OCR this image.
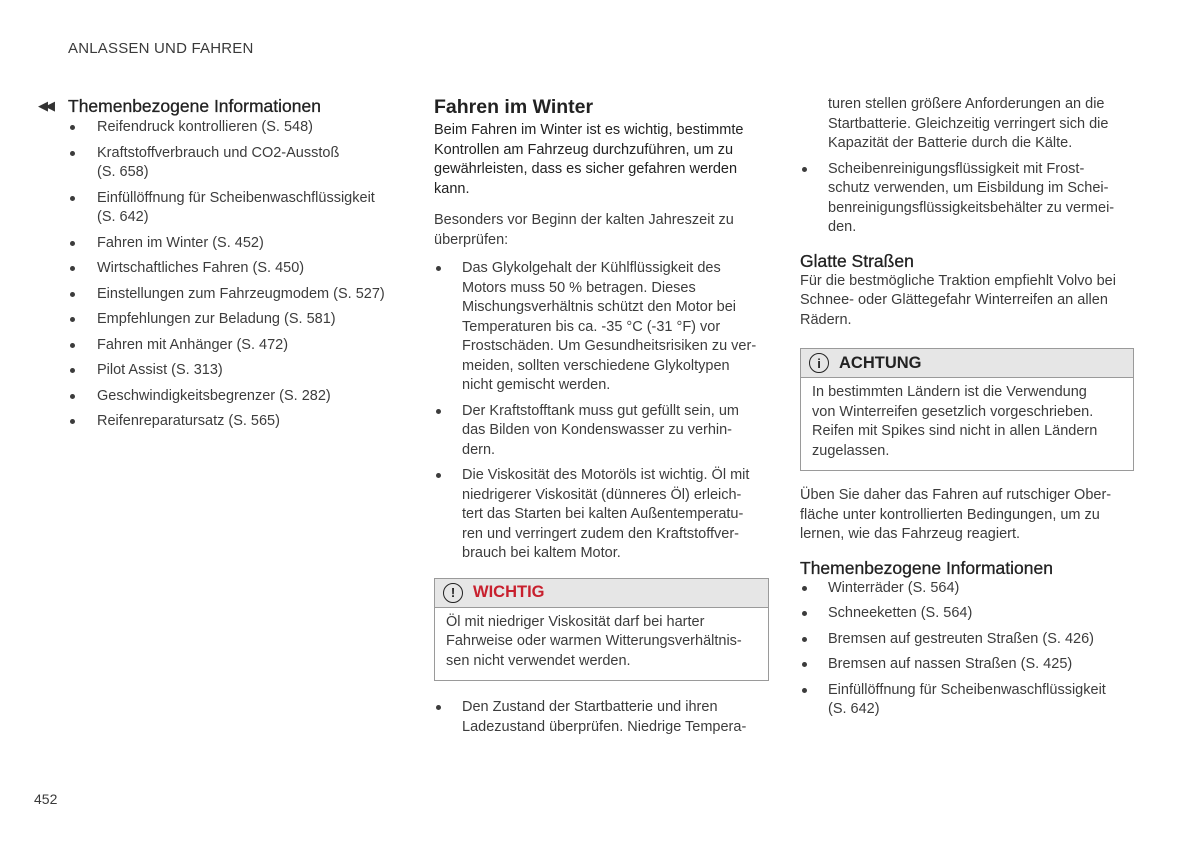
ANLASSEN UND FAHREN
◀◀ Themenbezogene Informationen
Reifendruck kontrollieren (S. 548)
Kraftstoffverbrauch und CO2-Ausstoß
(S. 658)
Einfüllöffnung für Scheibenwaschflüssigkeit
(S. 642)
Fahren im Winter (S. 452)
Wirtschaftliches Fahren (S. 450)
Einstellungen zum Fahrzeugmodem (S. 527)
Empfehlungen zur Beladung (S. 581)
Fahren mit Anhänger (S. 472)
Pilot Assist (S. 313)
Geschwindigkeitsbegrenzer (S. 282)
Reifenreparatursatz (S. 565)
Fahren im Winter

Beim Fahren im Winter ist es wichtig, bestimmte
Kontrollen am Fahrzeug durchzuführen, um zu
gewährleisten, dass es sicher gefahren werden
kann.

Besonders vor Beginn der kalten Jahreszeit zu
überprüfen:

Das Glykolgehalt der Kühlflüssigkeit des
Motors muss 50 % betragen. Dieses
Mischungsverhältnis schützt den Motor bei
Temperaturen bis ca. -35 °C (-31 °F) vor
Frostschäden. Um Gesundheitsrisiken zu ver-
meiden, sollten verschiedene Glykoltypen
nicht gemischt werden.
Der Kraftstofftank muss gut gefüllt sein, um
das Bilden von Kondenswasser zu verhin-
dern.
Die Viskosität des Motoröls ist wichtig. Öl mit
niedrigerer Viskosität (dünneres Öl) erleich-
tert das Starten bei kalten Außentemperatu-
ren und verringert zudem den Kraftstoffver-
brauch bei kaltem Motor.
!	WICHTIG
Öl mit niedriger Viskosität darf bei harter
Fahrweise oder warmen Witterungsverhältnis-
sen nicht verwendet werden.
Den Zustand der Startbatterie und ihren
Ladezustand überprüfen. Niedrige Tempera-
turen stellen größere Anforderungen an die
Startbatterie. Gleichzeitig verringert sich die
Kapazität der Batterie durch die Kälte.
Scheibenreinigungsflüssigkeit mit Frost-
schutz verwenden, um Eisbildung im Schei-
benreinigungsflüssigkeitsbehälter zu vermei-
den.
Glatte Straßen

Für die bestmögliche Traktion empfiehlt Volvo bei
Schnee- oder Glättegefahr Winterreifen an allen
Rädern.

i	ACHTUNG
In bestimmten Ländern ist die Verwendung
von Winterreifen gesetzlich vorgeschrieben.
Reifen mit Spikes sind nicht in allen Ländern
zugelassen.

Üben Sie daher das Fahren auf rutschiger Ober-
fläche unter kontrollierten Bedingungen, um zu
lernen, wie das Fahrzeug reagiert.

Themenbezogene Informationen
Winterräder (S. 564)
Schneeketten (S. 564)
Bremsen auf gestreuten Straßen (S. 426)
Bremsen auf nassen Straßen (S. 425)
Einfüllöffnung für Scheibenwaschflüssigkeit
(S. 642)
452
